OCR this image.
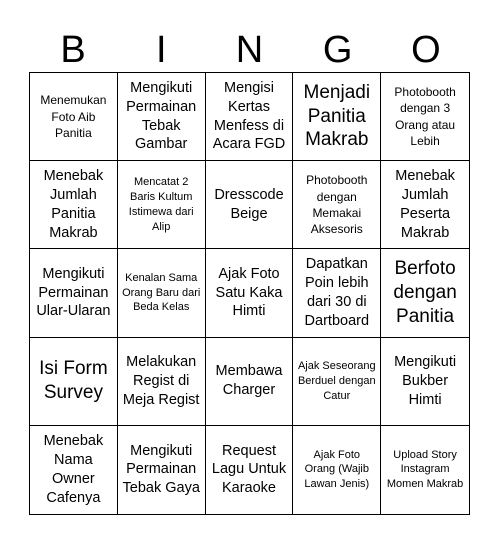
B	I	N	G	O
Menemukan Foto Aib Panitia
Mengikuti Permainan Tebak Gambar
Mengisi Kertas Menfess di Acara FGD
Menjadi Panitia Makrab
Photobooth dengan 3 Orang atau Lebih
Menebak Jumlah Panitia Makrab
Mencatat 2 Baris Kultum Istimewa dari Alip
Dresscode Beige
Photobooth dengan Memakai Aksesoris
Menebak Jumlah Peserta Makrab
Mengikuti Permainan Ular-Ularan
Kenalan Sama Orang Baru dari Beda Kelas
Ajak Foto Satu Kaka Himti
Dapatkan Poin lebih dari 30 di Dartboard
Berfoto dengan Panitia
Isi Form Survey
Melakukan Regist di Meja Regist
Membawa Charger
Ajak Seseorang Berduel dengan Catur
Mengikuti Bukber Himti
Menebak Nama Owner Cafenya
Mengikuti Permainan Tebak Gaya
Request Lagu Untuk Karaoke
Ajak Foto Orang (Wajib Lawan Jenis)
Upload Story Instagram Momen Makrab
